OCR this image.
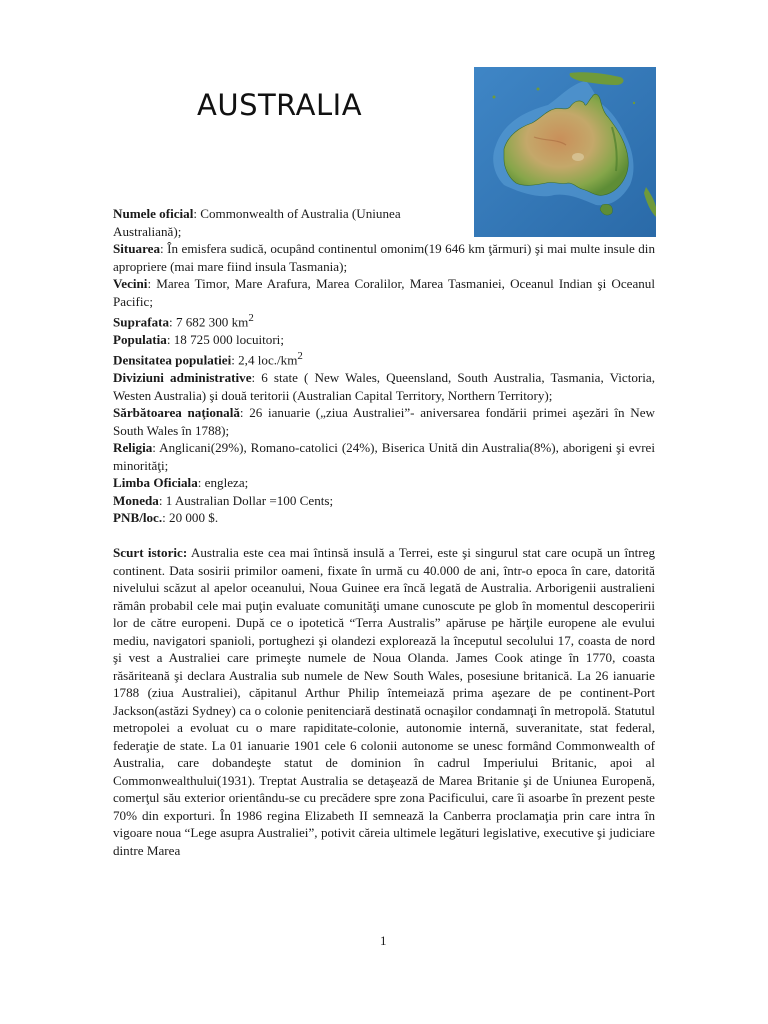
AUSTRALIA

Numele oficial: Commonwealth of Australia (Uniunea

Australiană);

Situarea: În emisfera sudică, ocupând continentul omonim(19 646 km ţărmuri) şi mai multe insule din apropriere (mai mare fiind insula Tasmania);

Vecini: Marea Timor, Mare Arafura, Marea Coralilor, Marea Tasmaniei, Oceanul Indian şi Oceanul Pacific;

Suprafata: 7 682 300 $km^2$

Populatia: 18 725 000 locuitori;

Densitatea populatiei: 2,4 $loc./km^2$

Diviziuni administrative: 6 state ( New Wales, Queensland, South Australia, Tasmania, Victoria, Westen Australia) şi două teritorii (Australian Capital Territory, Northern Territory);

Sărbătoarea naţională: 26 ianuarie („ziua Australiei”- aniversarea fondării primei aşezări în New South Wales în 1788);

Religia: Anglicani(29%), Romano-catolici (24%), Biserica Unită din Australia(8%), aborigeni şi evrei minorităţi;

Limba Oficiala: engleza;

Moneda: 1 Australian Dollar =100 Cents;

PNB/loc.: 20 000 $.

Scurt istoric: Australia este cea mai întinsă insulă a Terrei, este şi singurul stat care ocupă un întreg continent. Data sosirii primilor oameni, fixate în urmă cu 40.000 de ani, într-o epoca în care, datorită nivelului scăzut al apelor oceanului, Noua Guinee era încă legată de Australia. Arborigenii australieni rămân probabil cele mai puţin evaluate comunităţi umane cunoscute pe glob în momentul descoperirii lor de către europeni. După ce o ipotetică “Terra Australis” apăruse pe hărţile europene ale evului mediu, navigatori spanioli, portughezi şi olandezi explorează la începutul secolului 17, coasta de nord şi vest a Australiei care primeşte numele de Noua Olanda. James Cook atinge în 1770, coasta răsăriteană şi declara Australia sub numele de New South Wales, posesiune britanică. La 26 ianuarie 1788 (ziua Australiei), căpitanul Arthur Philip întemeiază prima aşezare de pe continent-Port Jackson(astăzi Sydney) ca o colonie penitenciară destinată ocnaşilor condamnaţi în metropolă. Statutul metropolei a evoluat cu o mare rapiditate-colonie, autonomie internă, suveranitate, stat federal, federaţie de state. La 01 ianuarie 1901 cele 6 colonii autonome se unesc formând Commonwealth of Australia, care dobandeşte statut de dominion în cadrul Imperiului Britanic, apoi al Commonwealthului(1931). Treptat Australia se detaşează de Marea Britanie şi de Uniunea Europenă, comerţul său exterior orientându-se cu precădere spre zona Pacificului, care îi asoarbe în prezent peste 70% din exporturi. În 1986 regina Elizabeth II semnează la Canberra proclamaţia prin care intra în vigoare noua “Lege asupra Australiei”, potivit căreia ultimele legături legislative, executive şi judiciare dintre Marea

1
